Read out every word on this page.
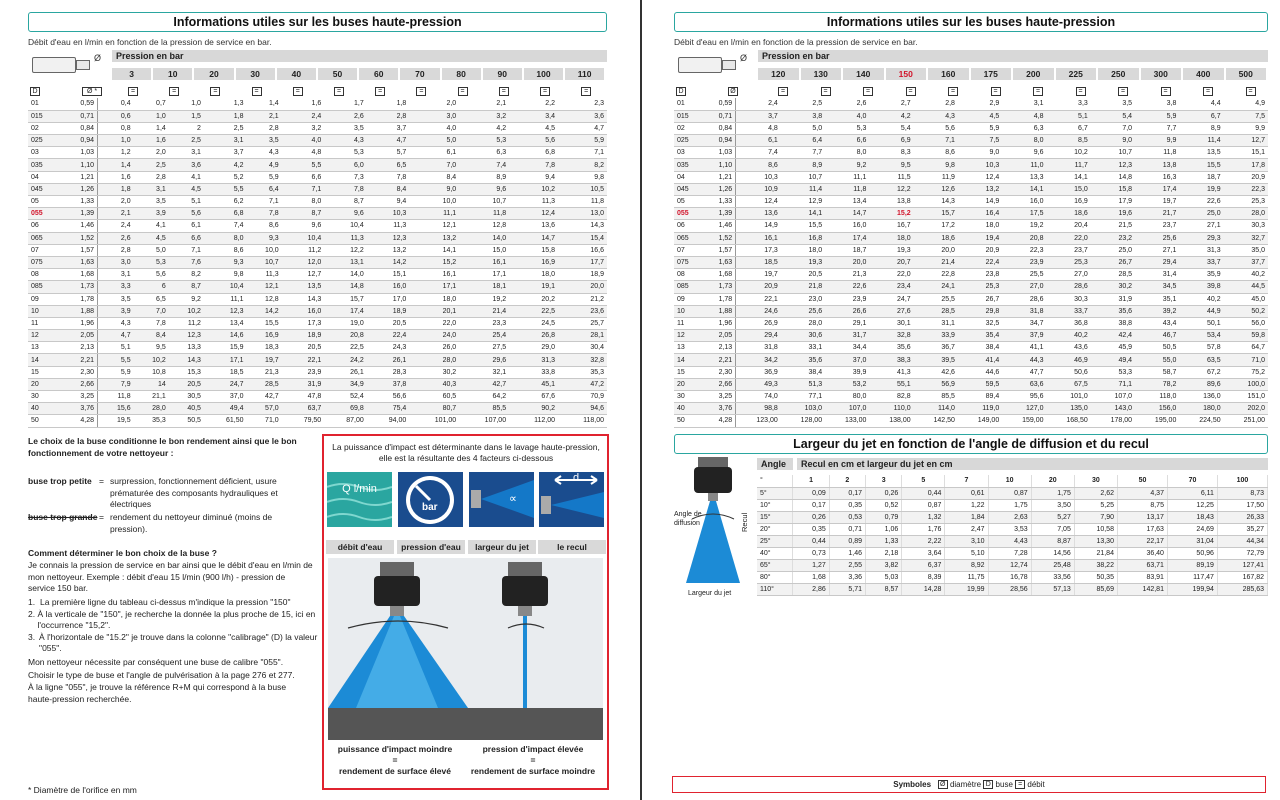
Informations utiles sur les buses haute-pression
Débit d'eau en l/min en fonction de la pression de service en bar.
Ø	Pression en bar
3	10	20	30	40	50	60	70	80	90	100	110
D	Ø *	=	=	=	=	=	=	=	=	=	=	=	=
01	0,59	0,4	0,7	1,0	1,3	1,4	1,6	1,7	1,8	2,0	2,1	2,2	2,3
015	0,71	0,6	1,0	1,5	1,8	2,1	2,4	2,6	2,8	3,0	3,2	3,4	3,6
02	0,84	0,8	1,4	2	2,5	2,8	3,2	3,5	3,7	4,0	4,2	4,5	4,7
025	0,94	1,0	1,6	2,5	3,1	3,5	4,0	4,3	4,7	5,0	5,3	5,6	5,9
03	1,03	1,2	2,0	3,1	3,7	4,3	4,8	5,3	5,7	6,1	6,3	6,8	7,1
035	1,10	1,4	2,5	3,6	4,2	4,9	5,5	6,0	6,5	7,0	7,4	7,8	8,2
04	1,21	1,6	2,8	4,1	5,2	5,9	6,6	7,3	7,8	8,4	8,9	9,4	9,8
045	1,26	1,8	3,1	4,5	5,5	6,4	7,1	7,8	8,4	9,0	9,6	10,2	10,5
05	1,33	2,0	3,5	5,1	6,2	7,1	8,0	8,7	9,4	10,0	10,7	11,3	11,8
055	1,39	2,1	3,9	5,6	6,8	7,8	8,7	9,6	10,3	11,1	11,8	12,4	13,0
06	1,46	2,4	4,1	6,1	7,4	8,6	9,6	10,4	11,3	12,1	12,8	13,6	14,3
065	1,52	2,6	4,5	6,6	8,0	9,3	10,4	11,3	12,3	13,2	14,0	14,7	15,4
07	1,57	2,8	5,0	7,1	8,6	10,0	11,2	12,2	13,2	14,1	15,0	15,8	16,6
075	1,63	3,0	5,3	7,6	9,3	10,7	12,0	13,1	14,2	15,2	16,1	16,9	17,7
08	1,68	3,1	5,6	8,2	9,8	11,3	12,7	14,0	15,1	16,1	17,1	18,0	18,9
085	1,73	3,3	6	8,7	10,4	12,1	13,5	14,8	16,0	17,1	18,1	19,1	20,0
09	1,78	3,5	6,5	9,2	11,1	12,8	14,3	15,7	17,0	18,0	19,2	20,2	21,2
10	1,88	3,9	7,0	10,2	12,3	14,2	16,0	17,4	18,9	20,1	21,4	22,5	23,6
11	1,96	4,3	7,8	11,2	13,4	15,5	17,3	19,0	20,5	22,0	23,3	24,5	25,7
12	2,05	4,7	8,4	12,3	14,6	16,9	18,9	20,8	22,4	24,0	25,4	26,8	28,1
13	2,13	5,1	9,5	13,3	15,9	18,3	20,5	22,5	24,3	26,0	27,5	29,0	30,4
14	2,21	5,5	10,2	14,3	17,1	19,7	22,1	24,2	26,1	28,0	29,6	31,3	32,8
15	2,30	5,9	10,8	15,3	18,5	21,3	23,9	26,1	28,3	30,2	32,1	33,8	35,3
20	2,66	7,9	14	20,5	24,7	28,5	31,9	34,9	37,8	40,3	42,7	45,1	47,2
30	3,25	11,8	21,1	30,5	37,0	42,7	47,8	52,4	56,6	60,5	64,2	67,6	70,9
40	3,76	15,6	28,0	40,5	49,4	57,0	63,7	69,8	75,4	80,7	85,5	90,2	94,6
50	4,28	19,5	35,3	50,5	61,50	71,0	79,50	87,00	94,00	101,00	107,00	112,00	118,00
Le choix de la buse conditionne le bon rendement ainsi que le bon fonctionnement de votre nettoyeur :
buse trop petite = surpression, fonctionnement déficient, usure prématurée des composants hydrauliques et électriques
buse trop grande = rendement du nettoyeur diminué (moins de pression).
Comment déterminer le bon choix de la buse ?
Je connais la pression de service en bar ainsi que le débit d'eau en l/min de mon nettoyeur. Exemple : débit d'eau 15 l/min (900 l/h) - pression de service 150 bar.
1. La première ligne du tableau ci-dessus m'indique la pression "150"
2. À la verticale de "150", je recherche la donnée la plus proche de 15, ici en l'occurrence "15,2".
3. À l'horizontale de "15.2" je trouve dans la colonne "calibrage" (D) la valeur "055".
Mon nettoyeur nécessite par conséquent une buse de calibre "055".
Choisir le type de buse et l'angle de pulvérisation à la page 276 et 277.
À la ligne "055", je trouve la référence R+M qui correspond à la buse haute-pression recherchée.
* Diamètre de l'orifice en mm
La puissance d'impact est déterminante dans le lavage haute-pression, elle est la résultante des 4 facteurs ci-dessous
Q l/min
bar
∝
d
débit d'eau	pression d'eau	largeur du jet	le recul
puissance d'impact moindre
=
rendement de surface élevé
pression d'impact élevée
=
rendement de surface moindre
Informations utiles sur les buses haute-pression
Débit d'eau en l/min en fonction de la pression de service en bar.
Ø	Pression en bar
120	130	140	150	160	175	200	225	250	300	400	500
D	Ø	=	=	=	=	=	=	=	=	=	=	=	=
01	0,59	2,4	2,5	2,6	2,7	2,8	2,9	3,1	3,3	3,5	3,8	4,4	4,9
015	0,71	3,7	3,8	4,0	4,2	4,3	4,5	4,8	5,1	5,4	5,9	6,7	7,5
02	0,84	4,8	5,0	5,3	5,4	5,6	5,9	6,3	6,7	7,0	7,7	8,9	9,9
025	0,94	6,1	6,4	6,6	6,9	7,1	7,5	8,0	8,5	9,0	9,9	11,4	12,7
03	1,03	7,4	7,7	8,0	8,3	8,6	9,0	9,6	10,2	10,7	11,8	13,5	15,1
035	1,10	8,6	8,9	9,2	9,5	9,8	10,3	11,0	11,7	12,3	13,8	15,5	17,8
04	1,21	10,3	10,7	11,1	11,5	11,9	12,4	13,3	14,1	14,8	16,3	18,7	20,9
045	1,26	10,9	11,4	11,8	12,2	12,6	13,2	14,1	15,0	15,8	17,4	19,9	22,3
05	1,33	12,4	12,9	13,4	13,8	14,3	14,9	16,0	16,9	17,9	19,7	22,6	25,3
055	1,39	13,6	14,1	14,7	15,2	15,7	16,4	17,5	18,6	19,6	21,7	25,0	28,0
06	1,46	14,9	15,5	16,0	16,7	17,2	18,0	19,2	20,4	21,5	23,7	27,1	30,3
065	1,52	16,1	16,8	17,4	18,0	18,6	19,4	20,8	22,0	23,2	25,6	29,3	32,7
07	1,57	17,3	18,0	18,7	19,3	20,0	20,9	22,3	23,7	25,0	27,1	31,3	35,0
075	1,63	18,5	19,3	20,0	20,7	21,4	22,4	23,9	25,3	26,7	29,4	33,7	37,7
08	1,68	19,7	20,5	21,3	22,0	22,8	23,8	25,5	27,0	28,5	31,4	35,9	40,2
085	1,73	20,9	21,8	22,6	23,4	24,1	25,3	27,0	28,6	30,2	34,5	39,8	44,5
09	1,78	22,1	23,0	23,9	24,7	25,5	26,7	28,6	30,3	31,9	35,1	40,2	45,0
10	1,88	24,6	25,6	26,6	27,6	28,5	29,8	31,8	33,7	35,6	39,2	44,9	50,2
11	1,96	26,9	28,0	29,1	30,1	31,1	32,5	34,7	36,8	38,8	43,4	50,1	56,0
12	2,05	29,4	30,6	31,7	32,8	33,9	35,4	37,9	40,2	42,4	46,7	53,4	59,8
13	2,13	31,8	33,1	34,4	35,6	36,7	38,4	41,1	43,6	45,9	50,5	57,8	64,7
14	2,21	34,2	35,6	37,0	38,3	39,5	41,4	44,3	46,9	49,4	55,0	63,5	71,0
15	2,30	36,9	38,4	39,9	41,3	42,6	44,6	47,7	50,6	53,3	58,7	67,2	75,2
20	2,66	49,3	51,3	53,2	55,1	56,9	59,5	63,6	67,5	71,1	78,2	89,6	100,0
30	3,25	74,0	77,1	80,0	82,8	85,5	89,4	95,6	101,0	107,0	118,0	136,0	151,0
40	3,76	98,8	103,0	107,0	110,0	114,0	119,0	127,0	135,0	143,0	156,0	180,0	202,0
50	4,28	123,00	128,00	133,00	138,00	142,50	149,00	159,00	168,50	178,00	195,00	224,50	251,00
Largeur du jet en fonction de l'angle de diffusion et du recul
Angle de diffusion
Largeur du jet
Recul
Angle	Recul en cm et largeur du jet en cm
°	1	2	3	5	7	10	20	30	50	70	100
5°	0,09	0,17	0,26	0,44	0,61	0,87	1,75	2,62	4,37	6,11	8,73
10°	0,17	0,35	0,52	0,87	1,22	1,75	3,50	5,25	8,75	12,25	17,50
15°	0,26	0,53	0,79	1,32	1,84	2,63	5,27	7,90	13,17	18,43	26,33
20°	0,35	0,71	1,06	1,76	2,47	3,53	7,05	10,58	17,63	24,69	35,27
25°	0,44	0,89	1,33	2,22	3,10	4,43	8,87	13,30	22,17	31,04	44,34
40°	0,73	1,46	2,18	3,64	5,10	7,28	14,56	21,84	36,40	50,96	72,79
65°	1,27	2,55	3,82	6,37	8,92	12,74	25,48	38,22	63,71	89,19	127,41
80°	1,68	3,36	5,03	8,39	11,75	16,78	33,56	50,35	83,91	117,47	167,82
110°	2,86	5,71	8,57	14,28	19,99	28,56	57,13	85,69	142,81	199,94	285,63
Symboles Ø diamètre D buse = débit
